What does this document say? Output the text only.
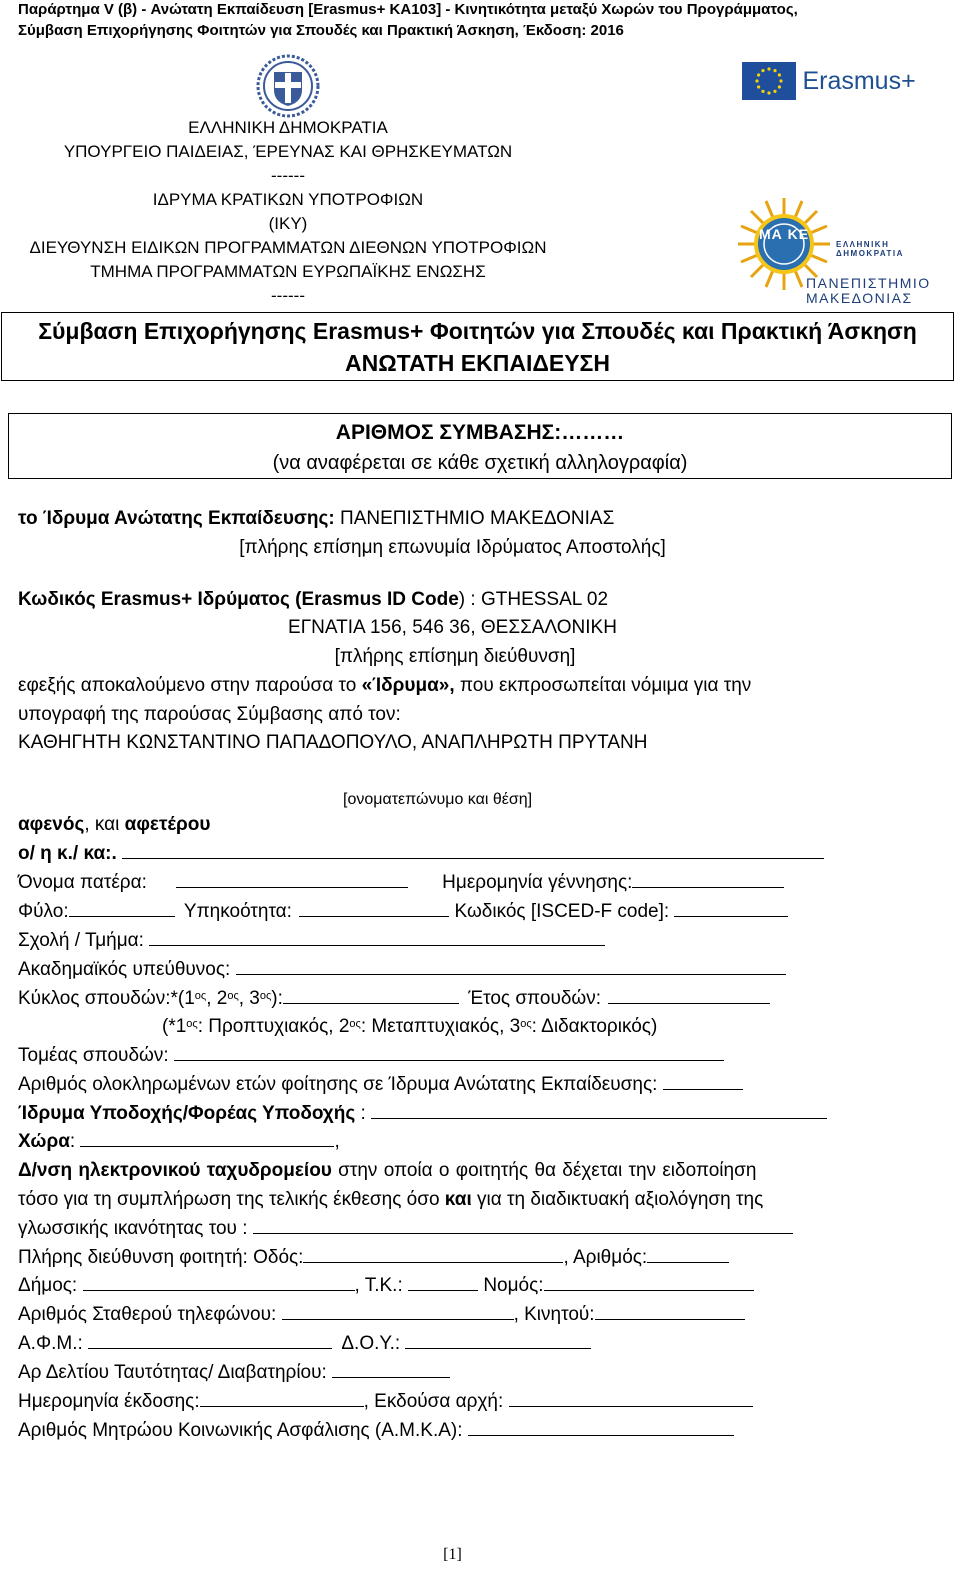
Παράρτημα V (β) - Ανώτατη Εκπαίδευση [Erasmus+ ΚΑ103] - Κινητικότητα μεταξύ Χωρών του Προγράμματος,
Σύμβαση Επιχορήγησης Φοιτητών για Σπουδές και Πρακτική Άσκηση, Έκδοση: 2016
ΕΛΛΗΝΙΚΗ ΔΗΜΟΚΡΑΤΙΑ
ΥΠΟΥΡΓΕΙΟ ΠΑΙΔΕΙΑΣ, ΈΡΕΥΝΑΣ ΚΑΙ ΘΡΗΣΚΕΥΜΑΤΩΝ
------
ΙΔΡΥΜΑ ΚΡΑΤΙΚΩΝ ΥΠΟΤΡΟΦΙΩΝ
(ΙΚΥ)
ΔΙΕΥΘΥΝΣΗ ΕΙΔΙΚΩΝ ΠΡΟΓΡΑΜΜΑΤΩΝ ΔΙΕΘΝΩΝ ΥΠΟΤΡΟΦΙΩΝ
ΤΜΗΜΑ ΠΡΟΓΡΑΜΜΑΤΩΝ ΕΥΡΩΠΑΪΚΗΣ ΕΝΩΣΗΣ
------
Erasmus+
ΜΑ ΚΕ
ΕΛΛΗΝΙΚΗ
ΔΗΜΟΚΡΑΤΙΑ
ΠΑΝΕΠΙΣΤΗΜΙΟ
ΜΑΚΕΔΟΝΙΑΣ
Σύμβαση Επιχορήγησης Erasmus+ Φοιτητών για Σπουδές και Πρακτική Άσκηση
ΑΝΩΤΑΤΗ ΕΚΠΑΙΔΕΥΣΗ
ΑΡΙΘΜΟΣ ΣΥΜΒΑΣΗΣ:………
(να αναφέρεται σε κάθε σχετική αλληλογραφία)
το Ίδρυμα Ανώτατης Εκπαίδευσης: ΠΑΝΕΠΙΣΤΗΜΙΟ ΜΑΚΕΔΟΝΙΑΣ
[πλήρης επίσημη επωνυμία Ιδρύματος Αποστολής]
Κωδικός Erasmus+ Ιδρύματος (Erasmus ID Code) : GTHESSAL 02
ΕΓΝΑΤΙΑ 156, 546 36, ΘΕΣΣΑΛΟΝΙΚΗ
[πλήρης επίσημη διεύθυνση]
εφεξής αποκαλούμενο στην παρούσα το «Ίδρυμα», που εκπροσωπείται νόμιμα για την
υπογραφή της παρούσας Σύμβασης από τον:
ΚΑΘΗΓΗΤΗ ΚΩΝΣΤΑΝΤΙΝΟ ΠΑΠΑΔΟΠΟΥΛΟ, ΑΝΑΠΛΗΡΩΤΗ ΠΡΥΤΑΝΗ
[ονοματεπώνυμο και θέση]
αφενός, και αφετέρου
ο/ η κ./ κα:.
Όνομα πατέρα:	Ημερομηνία γέννησης:
Φύλο:	Υπηκοότητα:	Κωδικός [ISCED-F code]:
Σχολή / Τμήμα:
Ακαδημαϊκός υπεύθυνος:
Κύκλος $\sigma\pi o\upsilon\delta ώ\nu:*(1^{o\varsigma}$, $2^{o\varsigma}$, $3^{o\varsigma}$):	Έτος σπουδών:
($*1^{o\varsigma}$: Προπτυχιακός, $2^{o\varsigma}$: Μεταπτυχιακός, $3^{o\varsigma}$: Διδακτορικός)
Τομέας σπουδών:
Αριθμός ολοκληρωμένων ετών φοίτησης σε Ίδρυμα Ανώτατης Εκπαίδευσης:
Ίδρυμα Υποδοχής/Φορέας Υποδοχής :
Χώρα:	,
Δ/νση ηλεκτρονικού ταχυδρομείου στην οποία ο φοιτητής θα δέχεται την ειδοποίηση
τόσο για τη συμπλήρωση της τελικής έκθεσης όσο και για τη διαδικτυακή αξιολόγηση της
γλωσσικής ικανότητας του :
Πλήρης διεύθυνση φοιτητή: Οδός:	, Αριθμός:
Δήμος:	, Τ.Κ.:	Νομός:
Αριθμός Σταθερού τηλεφώνου:	, Κινητού:
Α.Φ.Μ.:	Δ.Ο.Υ.:
Αρ Δελτίου Ταυτότητας/ Διαβατηρίου:
Ημερομηνία έκδοσης:	, Εκδούσα αρχή:
Αριθμός Μητρώου Κοινωνικής Ασφάλισης (Α.Μ.Κ.Α):
[1]
